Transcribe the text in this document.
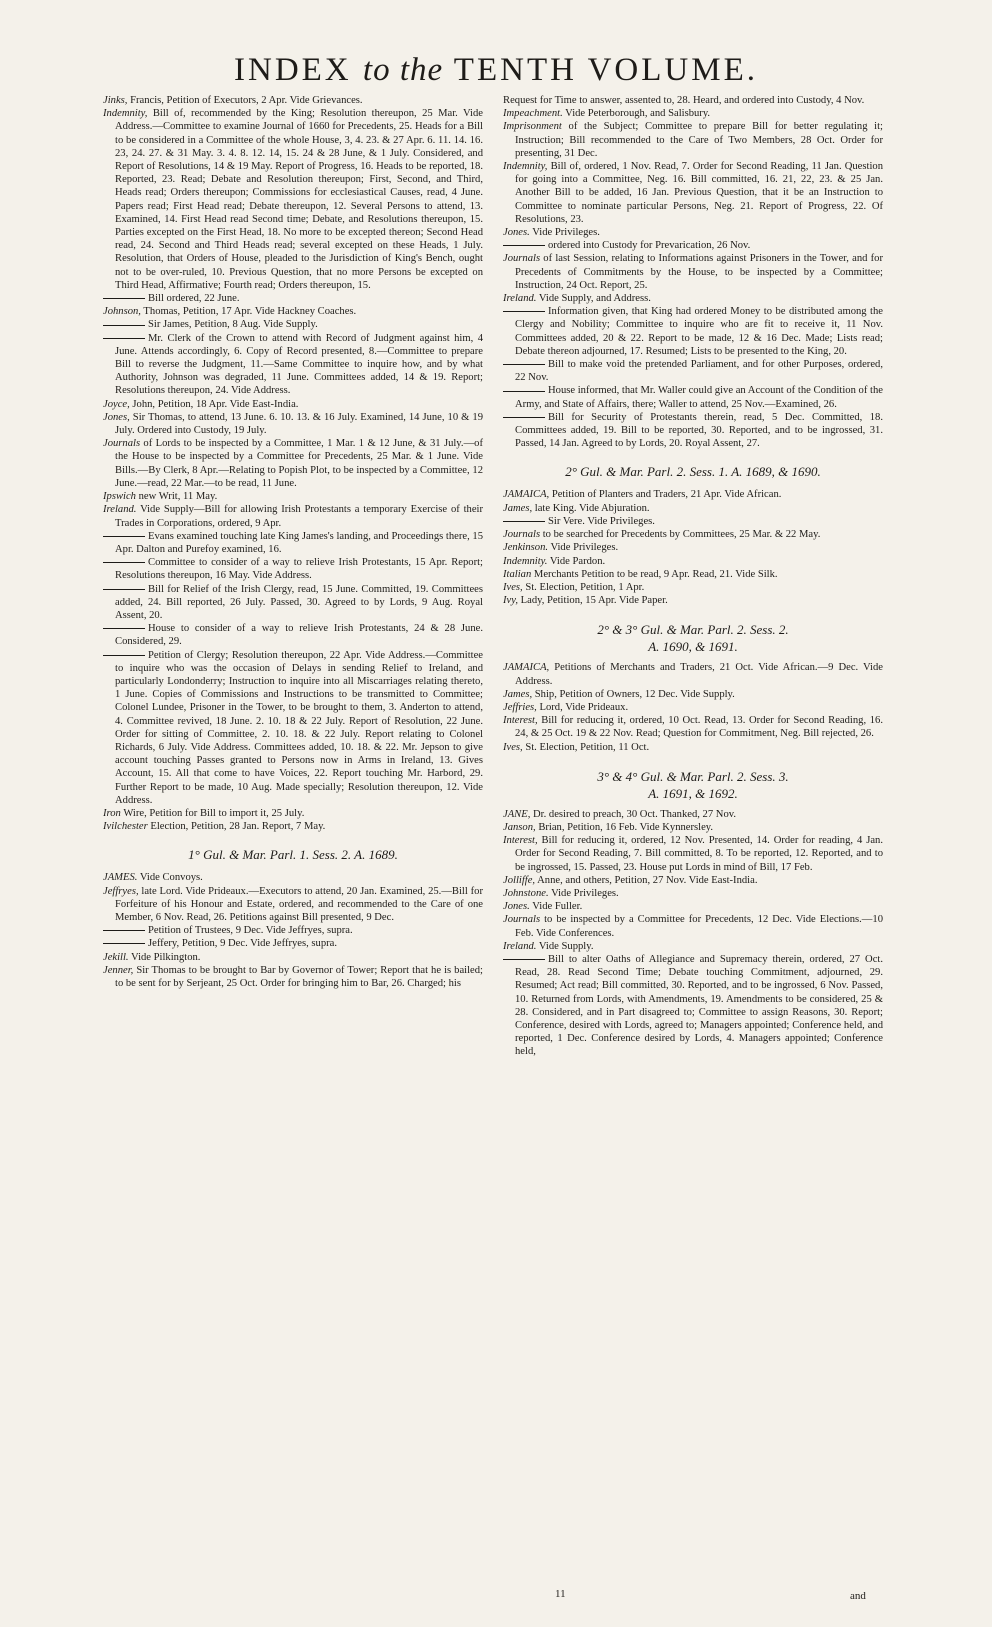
INDEX to the TENTH VOLUME.

Jinks, Francis, Petition of Executors, 2 Apr. Vide Grievances.

Indemnity, Bill of, recommended by the King; Resolution thereupon, 25 Mar. Vide Address.—Committee to examine Journal of 1660 for Precedents, 25. Heads for a Bill to be considered in a Committee of the whole House, 3, 4. 23. & 27 Apr. 6. 11. 14. 16. 23, 24. 27. & 31 May. 3. 4. 8. 12. 14, 15. 24 & 28 June, & 1 July. Considered, and Report of Resolutions, 14 & 19 May. Report of Progress, 16. Heads to be reported, 18. Reported, 23. Read; Debate and Resolution thereupon; First, Second, and Third, Heads read; Orders thereupon; Commissions for ecclesiastical Causes, read, 4 June. Papers read; First Head read; Debate thereupon, 12. Several Persons to attend, 13. Examined, 14. First Head read Second time; Debate, and Resolutions thereupon, 15. Parties excepted on the First Head, 18. No more to be excepted thereon; Second Head read, 24. Second and Third Heads read; several excepted on these Heads, 1 July. Resolution, that Orders of House, pleaded to the Jurisdiction of King's Bench, ought not to be over-ruled, 10. Previous Question, that no more Persons be excepted on Third Head, Affirmative; Fourth read; Orders thereupon, 15.

Bill ordered, 22 June.

Johnson, Thomas, Petition, 17 Apr. Vide Hackney Coaches.

Sir James, Petition, 8 Aug. Vide Supply.

Mr. Clerk of the Crown to attend with Record of Judgment against him, 4 June. Attends accordingly, 6. Copy of Record presented, 8.—Committee to prepare Bill to reverse the Judgment, 11.—Same Committee to inquire how, and by what Authority, Johnson was degraded, 11 June. Committees added, 14 & 19. Report; Resolutions thereupon, 24. Vide Address.

Joyce, John, Petition, 18 Apr. Vide East-India.

Jones, Sir Thomas, to attend, 13 June. 6. 10. 13. & 16 July. Examined, 14 June, 10 & 19 July. Ordered into Custody, 19 July.

Journals of Lords to be inspected by a Committee, 1 Mar. 1 & 12 June, & 31 July.—of the House to be inspected by a Committee for Precedents, 25 Mar. & 1 June. Vide Bills.—By Clerk, 8 Apr.—Relating to Popish Plot, to be inspected by a Committee, 12 June.—read, 22 Mar.—to be read, 11 June.

Ipswich new Writ, 11 May.

Ireland. Vide Supply—Bill for allowing Irish Protestants a temporary Exercise of their Trades in Corporations, ordered, 9 Apr.

Evans examined touching late King James's landing, and Proceedings there, 15 Apr. Dalton and Purefoy examined, 16.

Committee to consider of a way to relieve Irish Protestants, 15 Apr. Report; Resolutions thereupon, 16 May. Vide Address.

Bill for Relief of the Irish Clergy, read, 15 June. Committed, 19. Committees added, 24. Bill reported, 26 July. Passed, 30. Agreed to by Lords, 9 Aug. Royal Assent, 20.

House to consider of a way to relieve Irish Protestants, 24 & 28 June. Considered, 29.

Petition of Clergy; Resolution thereupon, 22 Apr. Vide Address.—Committee to inquire who was the occasion of Delays in sending Relief to Ireland, and particularly Londonderry; Instruction to inquire into all Miscarriages relating thereto, 1 June. Copies of Commissions and Instructions to be transmitted to Committee; Colonel Lundee, Prisoner in the Tower, to be brought to them, 3. Anderton to attend, 4. Committee revived, 18 June. 2. 10. 18 & 22 July. Report of Resolution, 22 June. Order for sitting of Committee, 2. 10. 18. & 22 July. Report relating to Colonel Richards, 6 July. Vide Address. Committees added, 10. 18. & 22. Mr. Jepson to give account touching Passes granted to Persons now in Arms in Ireland, 13. Gives Account, 15. All that come to have Voices, 22. Report touching Mr. Harbord, 29. Further Report to be made, 10 Aug. Made specially; Resolution thereupon, 12. Vide Address.

Iron Wire, Petition for Bill to import it, 25 July.

Ivilchester Election, Petition, 28 Jan. Report, 7 May.

1° Gul. & Mar. Parl. 1. Sess. 2. A. 1689.

JAMES. Vide Convoys.

Jeffryes, late Lord. Vide Prideaux.—Executors to attend, 20 Jan. Examined, 25.—Bill for Forfeiture of his Honour and Estate, ordered, and recommended to the Care of one Member, 6 Nov. Read, 26. Petitions against Bill presented, 9 Dec.

Petition of Trustees, 9 Dec. Vide Jeffryes, supra.

Jeffery, Petition, 9 Dec. Vide Jeffryes, supra.

Jekill. Vide Pilkington.

Jenner, Sir Thomas to be brought to Bar by Governor of Tower; Report that he is bailed; to be sent for by Serjeant, 25 Oct. Order for bringing him to Bar, 26. Charged; his

Request for Time to answer, assented to, 28. Heard, and ordered into Custody, 4 Nov.

Impeachment. Vide Peterborough, and Salisbury.

Imprisonment of the Subject; Committee to prepare Bill for better regulating it; Instruction; Bill recommended to the Care of Two Members, 28 Oct. Order for presenting, 31 Dec.

Indemnity, Bill of, ordered, 1 Nov. Read, 7. Order for Second Reading, 11 Jan. Question for going into a Committee, Neg. 16. Bill committed, 16. 21, 22, 23. & 25 Jan. Another Bill to be added, 16 Jan. Previous Question, that it be an Instruction to Committee to nominate particular Persons, Neg. 21. Report of Progress, 22. Of Resolutions, 23.

Jones. Vide Privileges.

ordered into Custody for Prevarication, 26 Nov.

Journals of last Session, relating to Informations against Prisoners in the Tower, and for Precedents of Commitments by the House, to be inspected by a Committee; Instruction, 24 Oct. Report, 25.

Ireland. Vide Supply, and Address.

Information given, that King had ordered Money to be distributed among the Clergy and Nobility; Committee to inquire who are fit to receive it, 11 Nov. Committees added, 20 & 22. Report to be made, 12 & 16 Dec. Made; Lists read; Debate thereon adjourned, 17. Resumed; Lists to be presented to the King, 20.

Bill to make void the pretended Parliament, and for other Purposes, ordered, 22 Nov.

House informed, that Mr. Waller could give an Account of the Condition of the Army, and State of Affairs, there; Waller to attend, 25 Nov.—Examined, 26.

Bill for Security of Protestants therein, read, 5 Dec. Committed, 18. Committees added, 19. Bill to be reported, 30. Reported, and to be ingrossed, 31. Passed, 14 Jan. Agreed to by Lords, 20. Royal Assent, 27.

2° Gul. & Mar. Parl. 2. Sess. 1. A. 1689, & 1690.

JAMAICA, Petition of Planters and Traders, 21 Apr. Vide African.

James, late King. Vide Abjuration.

Sir Vere. Vide Privileges.

Journals to be searched for Precedents by Committees, 25 Mar. & 22 May.

Jenkinson. Vide Privileges.

Indemnity. Vide Pardon.

Italian Merchants Petition to be read, 9 Apr. Read, 21. Vide Silk.

Ives, St. Election, Petition, 1 Apr.

Ivy, Lady, Petition, 15 Apr. Vide Paper.

2° & 3° Gul. & Mar. Parl. 2. Sess. 2.
A. 1690, & 1691.

JAMAICA, Petitions of Merchants and Traders, 21 Oct. Vide African.—9 Dec. Vide Address.

James, Ship, Petition of Owners, 12 Dec. Vide Supply.

Jeffries, Lord, Vide Prideaux.

Interest, Bill for reducing it, ordered, 10 Oct. Read, 13. Order for Second Reading, 16. 24, & 25 Oct. 19 & 22 Nov. Read; Question for Commitment, Neg. Bill rejected, 26.

Ives, St. Election, Petition, 11 Oct.

3° & 4° Gul. & Mar. Parl. 2. Sess. 3.
A. 1691, & 1692.

JANE, Dr. desired to preach, 30 Oct. Thanked, 27 Nov.

Janson, Brian, Petition, 16 Feb. Vide Kynnersley.

Interest, Bill for reducing it, ordered, 12 Nov. Presented, 14. Order for reading, 4 Jan. Order for Second Reading, 7. Bill committed, 8. To be reported, 12. Reported, and to be ingrossed, 15. Passed, 23. House put Lords in mind of Bill, 17 Feb.

Jolliffe, Anne, and others, Petition, 27 Nov. Vide East-India.

Johnstone. Vide Privileges.

Jones. Vide Fuller.

Journals to be inspected by a Committee for Precedents, 12 Dec. Vide Elections.—10 Feb. Vide Conferences.

Ireland. Vide Supply.

Bill to alter Oaths of Allegiance and Supremacy therein, ordered, 27 Oct. Read, 28. Read Second Time; Debate touching Commitment, adjourned, 29. Resumed; Act read; Bill committed, 30. Reported, and to be ingrossed, 6 Nov. Passed, 10. Returned from Lords, with Amendments, 19. Amendments to be considered, 25 & 28. Considered, and in Part disagreed to; Committee to assign Reasons, 30. Report; Conference, desired with Lords, agreed to; Managers appointed; Conference held, and reported, 1 Dec. Conference desired by Lords, 4. Managers appointed; Conference held,

11	and
